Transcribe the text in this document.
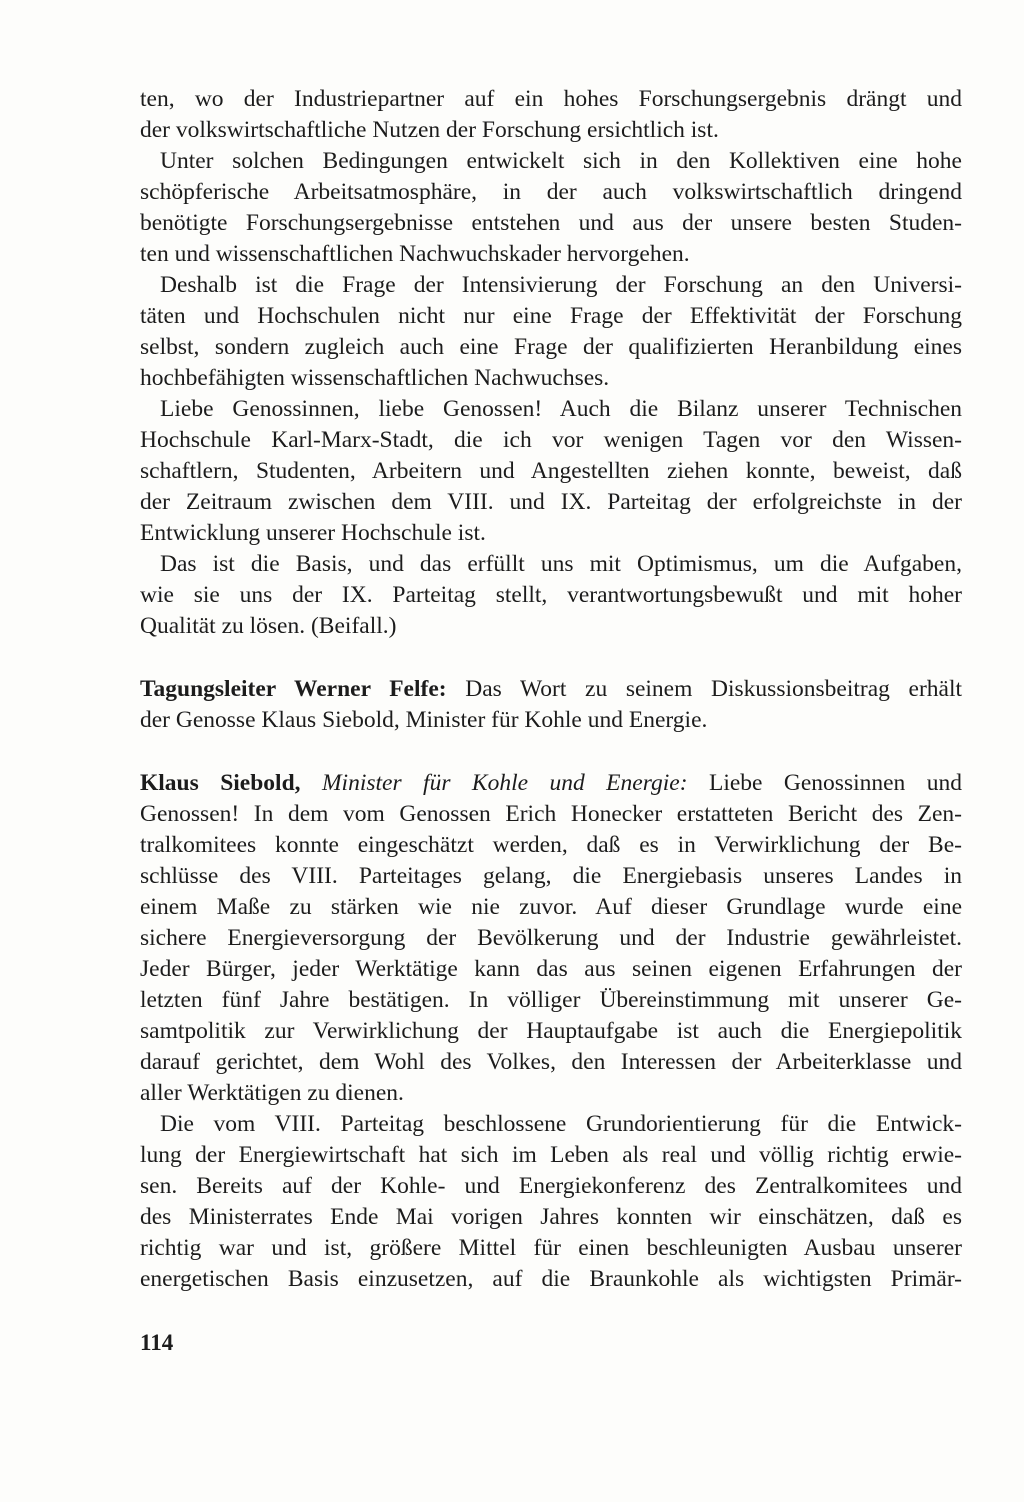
ten, wo der Industriepartner auf ein hohes Forschungsergebnis drängt und
der volkswirtschaftliche Nutzen der Forschung ersichtlich ist.
Unter solchen Bedingungen entwickelt sich in den Kollektiven eine hohe
schöpferische Arbeitsatmosphäre, in der auch volkswirtschaftlich dringend
benötigte Forschungsergebnisse entstehen und aus der unsere besten Studen-
ten und wissenschaftlichen Nachwuchskader hervorgehen.
Deshalb ist die Frage der Intensivierung der Forschung an den Universi-
täten und Hochschulen nicht nur eine Frage der Effektivität der Forschung
selbst, sondern zugleich auch eine Frage der qualifizierten Heranbildung eines
hochbefähigten wissenschaftlichen Nachwuchses.
Liebe Genossinnen, liebe Genossen! Auch die Bilanz unserer Technischen
Hochschule Karl-Marx-Stadt, die ich vor wenigen Tagen vor den Wissen-
schaftlern, Studenten, Arbeitern und Angestellten ziehen konnte, beweist, daß
der Zeitraum zwischen dem VIII. und IX. Parteitag der erfolgreichste in der
Entwicklung unserer Hochschule ist.
Das ist die Basis, und das erfüllt uns mit Optimismus, um die Aufgaben,
wie sie uns der IX. Parteitag stellt, verantwortungsbewußt und mit hoher
Qualität zu lösen. (Beifall.)
Tagungsleiter Werner Felfe: Das Wort zu seinem Diskussionsbeitrag erhält
der Genosse Klaus Siebold, Minister für Kohle und Energie.
Klaus Siebold, Minister für Kohle und Energie: Liebe Genossinnen und
Genossen! In dem vom Genossen Erich Honecker erstatteten Bericht des Zen-
tralkomitees konnte eingeschätzt werden, daß es in Verwirklichung der Be-
schlüsse des VIII. Parteitages gelang, die Energiebasis unseres Landes in
einem Maße zu stärken wie nie zuvor. Auf dieser Grundlage wurde eine
sichere Energieversorgung der Bevölkerung und der Industrie gewährleistet.
Jeder Bürger, jeder Werktätige kann das aus seinen eigenen Erfahrungen der
letzten fünf Jahre bestätigen. In völliger Übereinstimmung mit unserer Ge-
samtpolitik zur Verwirklichung der Hauptaufgabe ist auch die Energiepolitik
darauf gerichtet, dem Wohl des Volkes, den Interessen der Arbeiterklasse und
aller Werktätigen zu dienen.
Die vom VIII. Parteitag beschlossene Grundorientierung für die Entwick-
lung der Energiewirtschaft hat sich im Leben als real und völlig richtig erwie-
sen. Bereits auf der Kohle- und Energiekonferenz des Zentralkomitees und
des Ministerrates Ende Mai vorigen Jahres konnten wir einschätzen, daß es
richtig war und ist, größere Mittel für einen beschleunigten Ausbau unserer
energetischen Basis einzusetzen, auf die Braunkohle als wichtigsten Primär-
114
